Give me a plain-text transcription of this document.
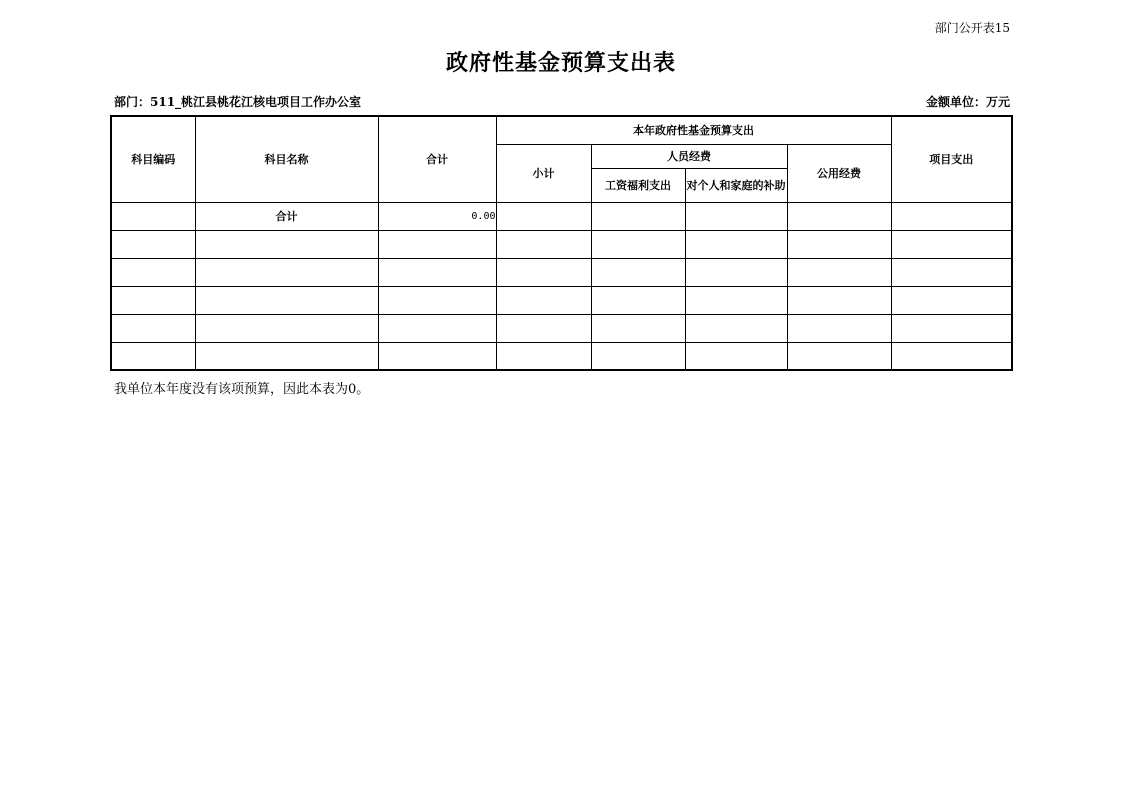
部门公开表15
政府性基金预算支出表
部门：511_桃江县桃花江核电项目工作办公室	金额单位：万元
科目编码	科目名称	合计	本年政府性基金预算支出				项目支出
			小计	人员经费		公用经费	
				工资福利支出	对个人和家庭的补助		
	合计	0.00					

我单位本年度没有该项预算，因此本表为0。
